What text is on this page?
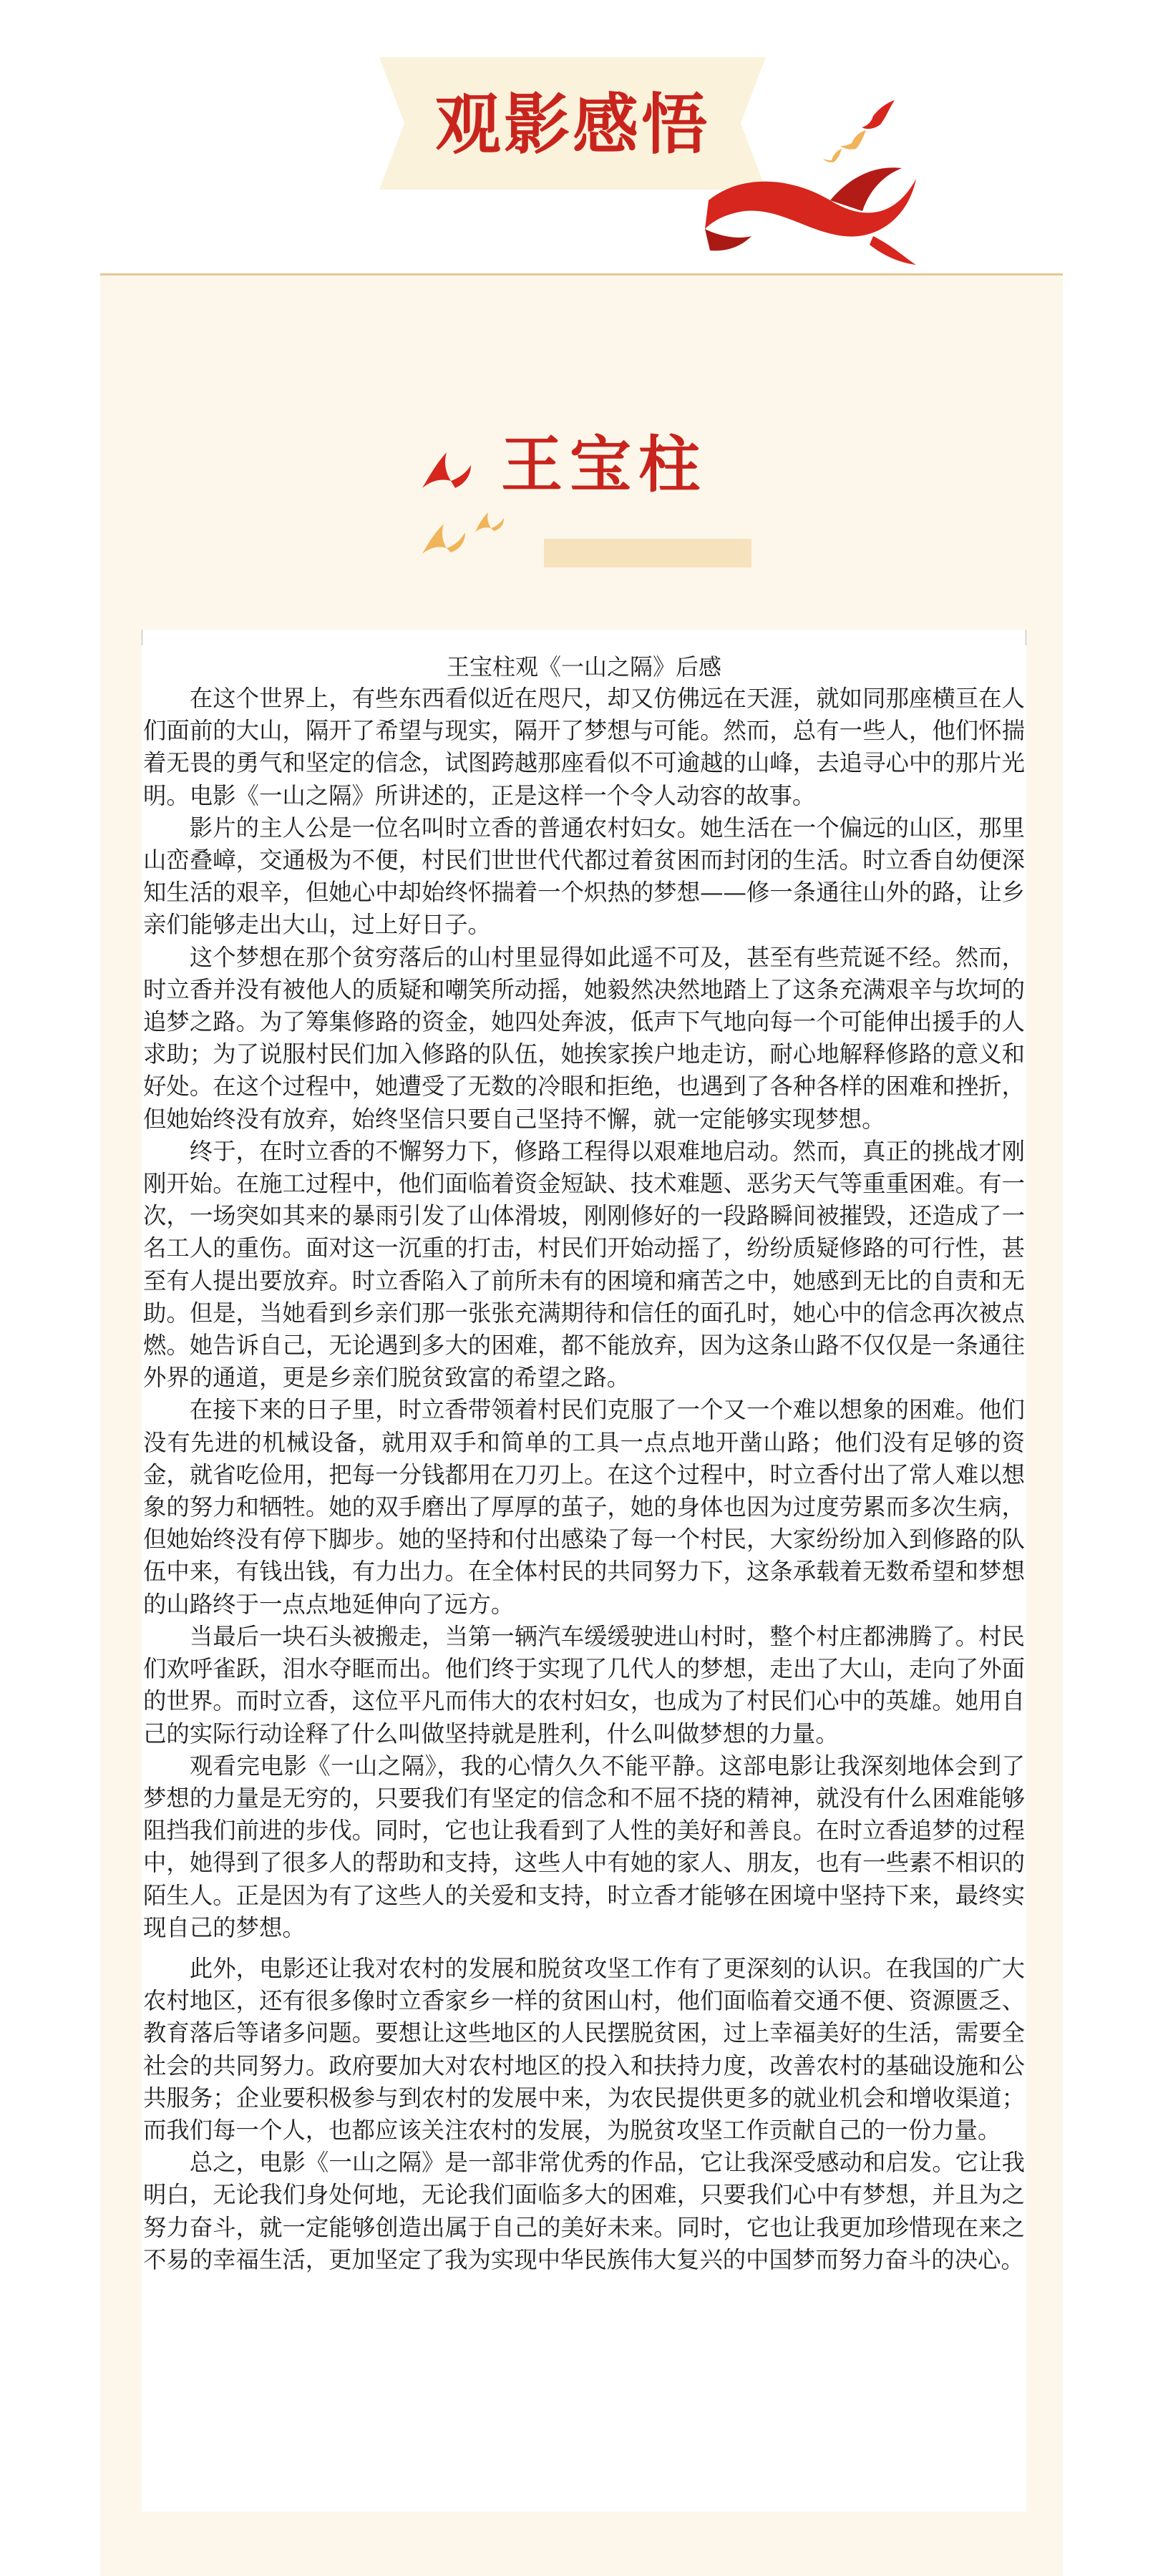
观影感悟
王宝柱
王宝柱观《一山之隔》后感

在这个世界上，有些东西看似近在咫尺，却又仿佛远在天涯，就如同那座横亘在人们面前的大山，隔开了希望与现实，隔开了梦想与可能。然而，总有一些人，他们怀揣着无畏的勇气和坚定的信念，试图跨越那座看似不可逾越的山峰，去追寻心中的那片光明。电影《一山之隔》所讲述的，正是这样一个令人动容的故事。

影片的主人公是一位名叫时立香的普通农村妇女。她生活在一个偏远的山区，那里山峦叠嶂，交通极为不便，村民们世世代代都过着贫困而封闭的生活。时立香自幼便深知生活的艰辛，但她心中却始终怀揣着一个炽热的梦想——修一条通往山外的路，让乡亲们能够走出大山，过上好日子。

这个梦想在那个贫穷落后的山村里显得如此遥不可及，甚至有些荒诞不经。然而，时立香并没有被他人的质疑和嘲笑所动摇，她毅然决然地踏上了这条充满艰辛与坎坷的追梦之路。为了筹集修路的资金，她四处奔波，低声下气地向每一个可能伸出援手的人求助；为了说服村民们加入修路的队伍，她挨家挨户地走访，耐心地解释修路的意义和好处。在这个过程中，她遭受了无数的冷眼和拒绝，也遇到了各种各样的困难和挫折，但她始终没有放弃，始终坚信只要自己坚持不懈，就一定能够实现梦想。

终于，在时立香的不懈努力下，修路工程得以艰难地启动。然而，真正的挑战才刚刚开始。在施工过程中，他们面临着资金短缺、技术难题、恶劣天气等重重困难。有一次，一场突如其来的暴雨引发了山体滑坡，刚刚修好的一段路瞬间被摧毁，还造成了一名工人的重伤。面对这一沉重的打击，村民们开始动摇了，纷纷质疑修路的可行性，甚至有人提出要放弃。时立香陷入了前所未有的困境和痛苦之中，她感到无比的自责和无助。但是，当她看到乡亲们那一张张充满期待和信任的面孔时，她心中的信念再次被点燃。她告诉自己，无论遇到多大的困难，都不能放弃，因为这条山路不仅仅是一条通往外界的通道，更是乡亲们脱贫致富的希望之路。

在接下来的日子里，时立香带领着村民们克服了一个又一个难以想象的困难。他们没有先进的机械设备，就用双手和简单的工具一点点地开凿山路；他们没有足够的资金，就省吃俭用，把每一分钱都用在刀刃上。在这个过程中，时立香付出了常人难以想象的努力和牺牲。她的双手磨出了厚厚的茧子，她的身体也因为过度劳累而多次生病，但她始终没有停下脚步。她的坚持和付出感染了每一个村民，大家纷纷加入到修路的队伍中来，有钱出钱，有力出力。在全体村民的共同努力下，这条承载着无数希望和梦想的山路终于一点点地延伸向了远方。

当最后一块石头被搬走，当第一辆汽车缓缓驶进山村时，整个村庄都沸腾了。村民们欢呼雀跃，泪水夺眶而出。他们终于实现了几代人的梦想，走出了大山，走向了外面的世界。而时立香，这位平凡而伟大的农村妇女，也成为了村民们心中的英雄。她用自己的实际行动诠释了什么叫做坚持就是胜利，什么叫做梦想的力量。

观看完电影《一山之隔》，我的心情久久不能平静。这部电影让我深刻地体会到了梦想的力量是无穷的，只要我们有坚定的信念和不屈不挠的精神，就没有什么困难能够阻挡我们前进的步伐。同时，它也让我看到了人性的美好和善良。在时立香追梦的过程中，她得到了很多人的帮助和支持，这些人中有她的家人、朋友，也有一些素不相识的陌生人。正是因为有了这些人的关爱和支持，时立香才能够在困境中坚持下来，最终实现自己的梦想。

此外，电影还让我对农村的发展和脱贫攻坚工作有了更深刻的认识。在我国的广大农村地区，还有很多像时立香家乡一样的贫困山村，他们面临着交通不便、资源匮乏、教育落后等诸多问题。要想让这些地区的人民摆脱贫困，过上幸福美好的生活，需要全社会的共同努力。政府要加大对农村地区的投入和扶持力度，改善农村的基础设施和公共服务；企业要积极参与到农村的发展中来，为农民提供更多的就业机会和增收渠道；而我们每一个人，也都应该关注农村的发展，为脱贫攻坚工作贡献自己的一份力量。

总之，电影《一山之隔》是一部非常优秀的作品，它让我深受感动和启发。它让我明白，无论我们身处何地，无论我们面临多大的困难，只要我们心中有梦想，并且为之努力奋斗，就一定能够创造出属于自己的美好未来。同时，它也让我更加珍惜现在来之不易的幸福生活，更加坚定了我为实现中华民族伟大复兴的中国梦而努力奋斗的决心。
